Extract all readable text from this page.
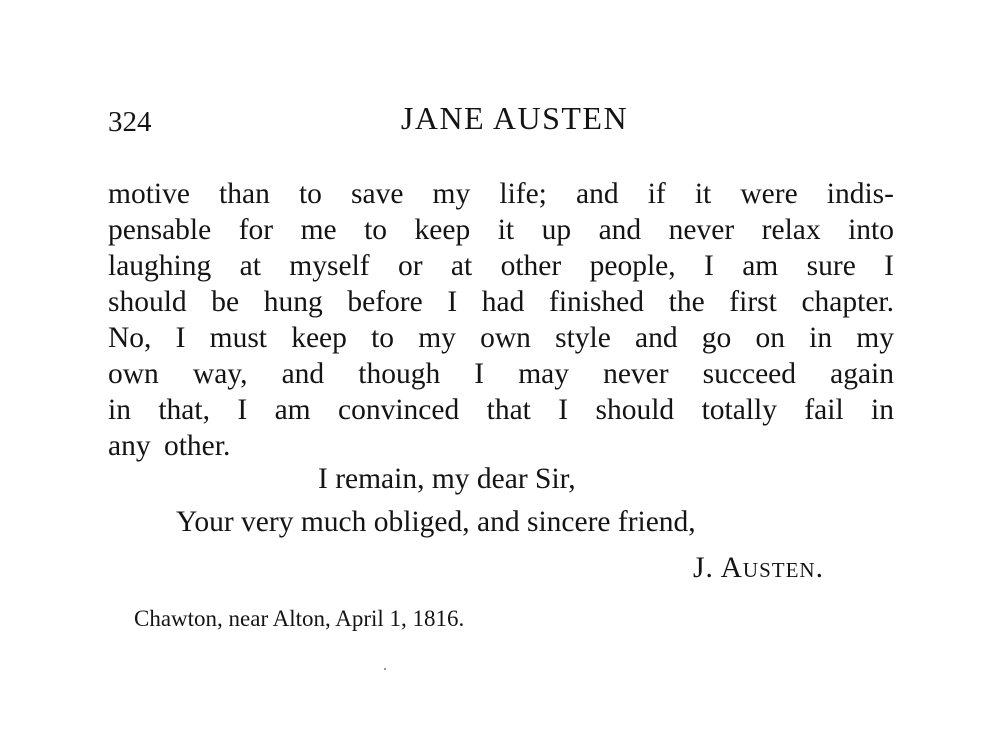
324	JANE AUSTEN
motive than to save my life; and if it were indis-
pensable for me to keep it up and never relax into
laughing at myself or at other people, I am sure I
should be hung before I had finished the first chapter.
No, I must keep to my own style and go on in my
own way, and though I may never succeed again
in that, I am convinced that I should totally fail in
any other.
I remain, my dear Sir,
Your very much obliged, and sincere friend,
J. Austen.
Chawton, near Alton, April 1, 1816.
